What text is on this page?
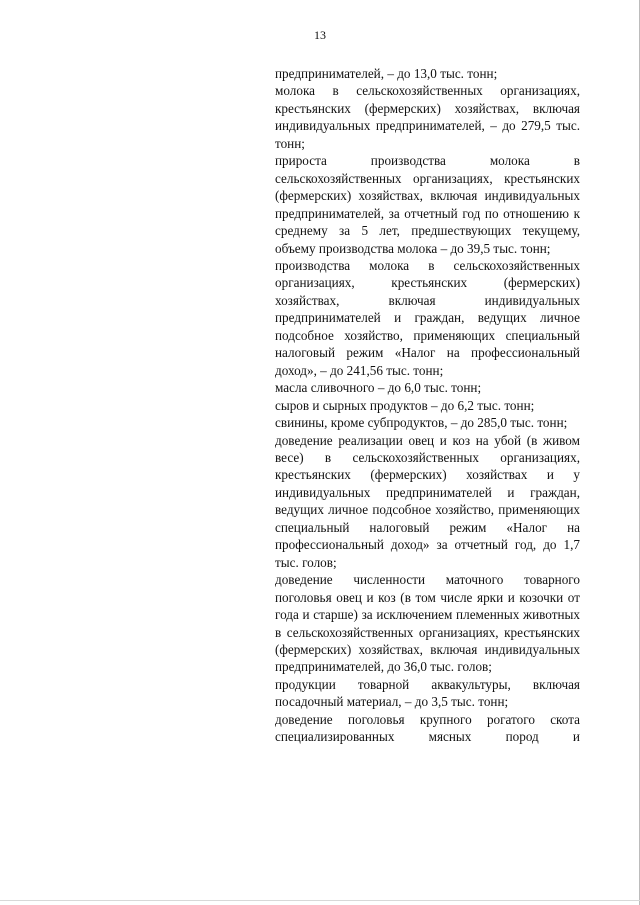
13

предпринимателей, – до 13,0 тыс. тонн;

молока в сельскохозяйственных организациях, крестьянских (фермерских) хозяйствах, включая индивидуальных предпринимателей, – до 279,5 тыс. тонн;

прироста производства молока в сельскохозяйственных организациях, крестьянских (фермерских) хозяйствах, включая индивидуальных предпринимателей, за отчетный год по отношению к среднему за 5 лет, предшествующих текущему, объему производства молока – до 39,5 тыс. тонн;

производства молока в сельскохозяйственных организациях, крестьянских (фермерских) хозяйствах, включая индивидуальных предпринимателей и граждан, ведущих личное подсобное хозяйство, применяющих специальный налоговый режим «Налог на профессиональный доход», – до 241,56 тыс. тонн;

масла сливочного – до 6,0 тыс. тонн;

сыров и сырных продуктов – до 6,2 тыс. тонн;

свинины, кроме субпродуктов, – до 285,0 тыс. тонн;

доведение реализации овец и коз на убой (в живом весе) в сельскохозяйственных организациях, крестьянских (фермерских) хозяйствах и у индивидуальных предпринимателей и граждан, ведущих личное подсобное хозяйство, применяющих специальный налоговый режим «Налог на профессиональный доход» за отчетный год, до 1,7 тыс. голов;

доведение численности маточного товарного поголовья овец и коз (в том числе ярки и козочки от года и старше) за исключением племенных животных в сельскохозяйственных организациях, крестьянских (фермерских) хозяйствах, включая индивидуальных предпринимателей, до 36,0 тыс. голов;

продукции товарной аквакультуры, включая посадочный материал, – до 3,5 тыс. тонн;

доведение поголовья крупного рогатого скота специализированных мясных пород и
